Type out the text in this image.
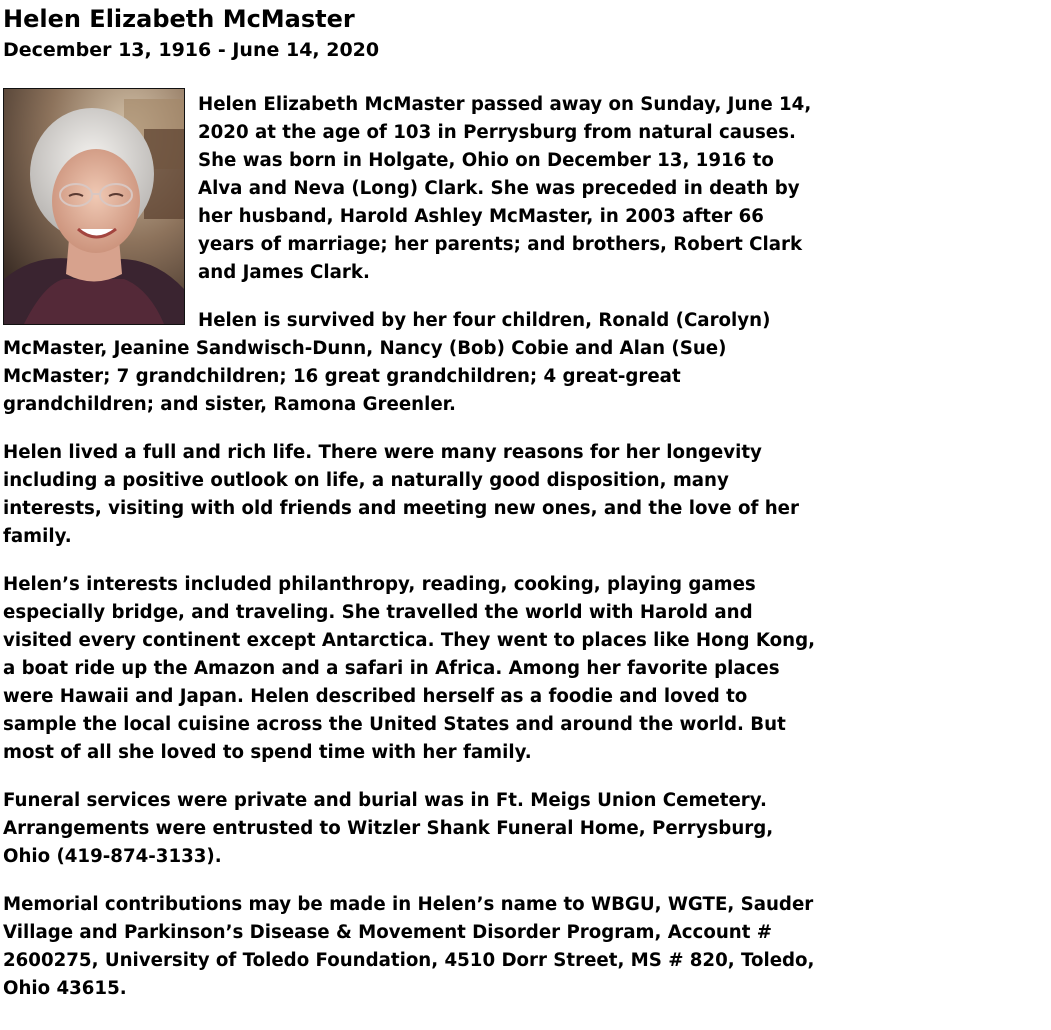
Helen Elizabeth McMaster
December 13, 1916 - June 14, 2020

Helen Elizabeth McMaster passed away on Sunday, June 14, 2020 at the age of 103 in Perrysburg from natural causes. She was born in Holgate, Ohio on December 13, 1916 to Alva and Neva (Long) Clark. She was preceded in death by her husband, Harold Ashley McMaster, in 2003 after 66 years of marriage; her parents; and brothers, Robert Clark and James Clark.

Helen is survived by her four children, Ronald (Carolyn) McMaster, Jeanine Sandwisch-Dunn, Nancy (Bob) Cobie and Alan (Sue) McMaster; 7 grandchildren; 16 great grandchildren; 4 great-great grandchildren; and sister, Ramona Greenler.

Helen lived a full and rich life. There were many reasons for her longevity including a positive outlook on life, a naturally good disposition, many interests, visiting with old friends and meeting new ones, and the love of her family.

Helen’s interests included philanthropy, reading, cooking, playing games especially bridge, and traveling. She travelled the world with Harold and visited every continent except Antarctica. They went to places like Hong Kong, a boat ride up the Amazon and a safari in Africa. Among her favorite places were Hawaii and Japan. Helen described herself as a foodie and loved to sample the local cuisine across the United States and around the world. But most of all she loved to spend time with her family.

Funeral services were private and burial was in Ft. Meigs Union Cemetery. Arrangements were entrusted to Witzler Shank Funeral Home, Perrysburg, Ohio (419-874-3133).

Memorial contributions may be made in Helen’s name to WBGU, WGTE, Sauder Village and Parkinson’s Disease & Movement Disorder Program, Account # 2600275, University of Toledo Foundation, 4510 Dorr Street, MS # 820, Toledo, Ohio 43615.
